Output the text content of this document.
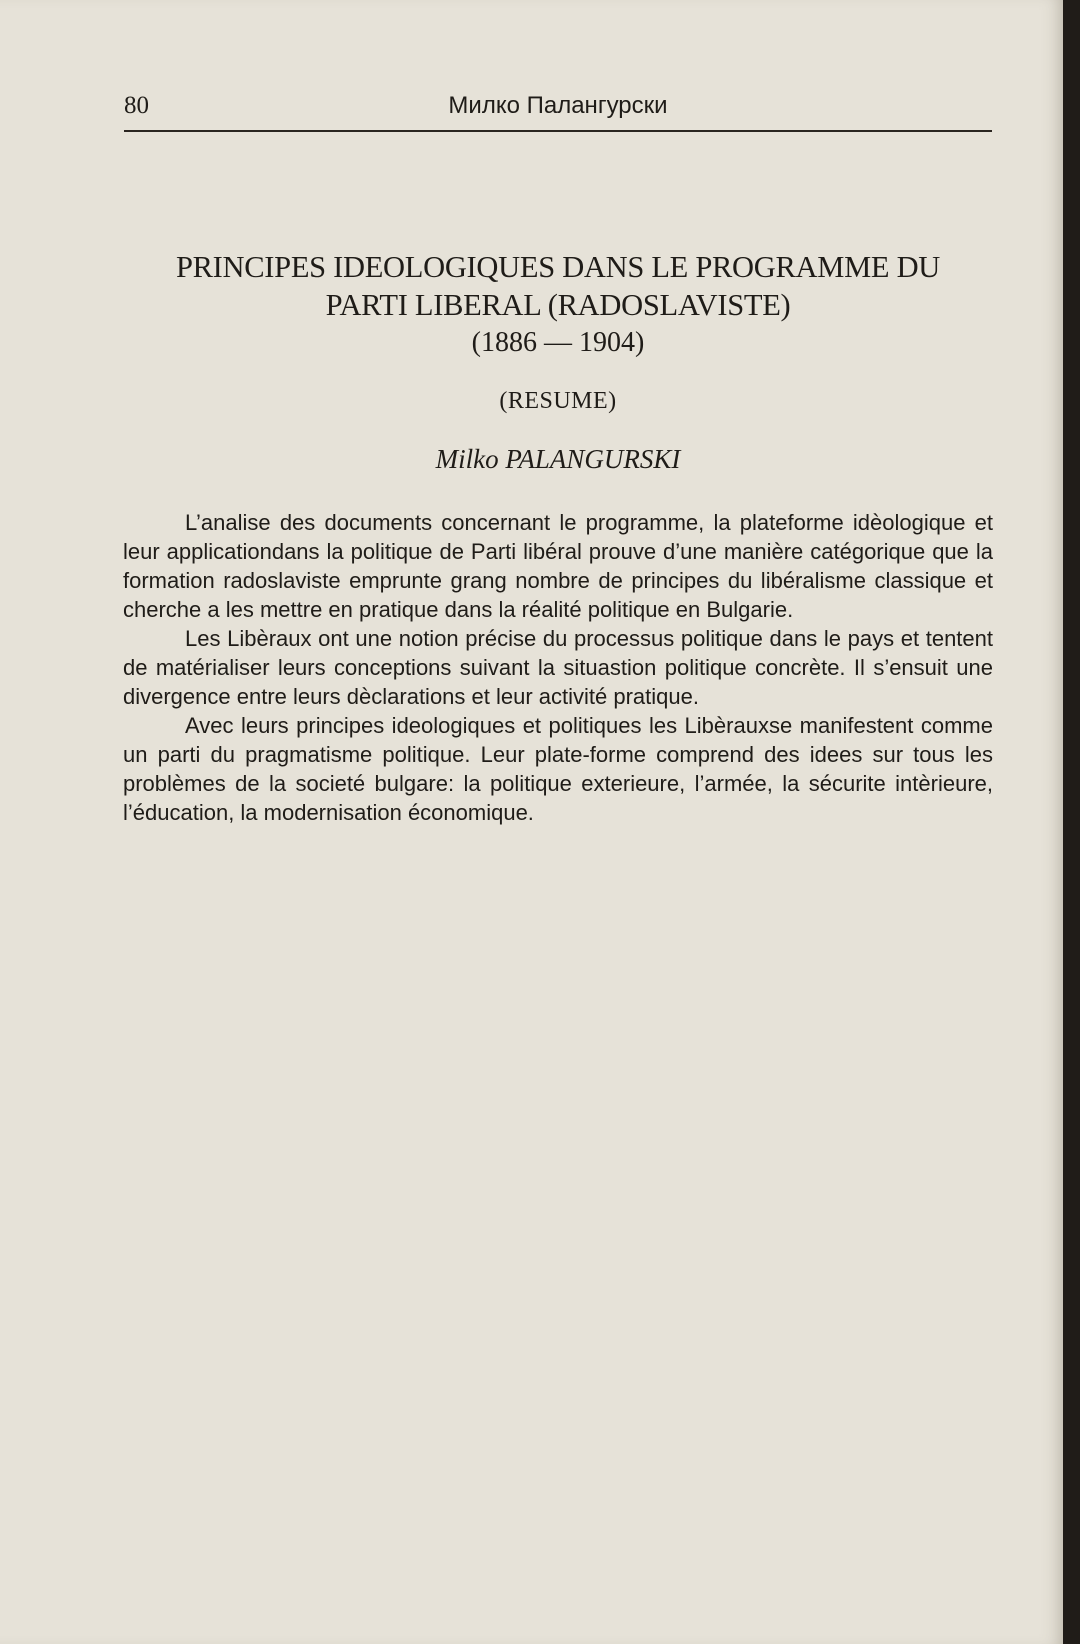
80	Милко Палангурски
PRINCIPES IDEOLOGIQUES DANS LE PROGRAMME DU
PARTI LIBERAL (RADOSLAVISTE)
(1886 — 1904)
(RESUME)
Milko PALANGURSKI

L’analise des documents concernant le programme, la plateforme idèologique et leur applicationdans la politique de Parti libéral prouve d’une manière catégorique que la formation radoslaviste emprunte grang nombre de principes du libéralisme classique et cherche a les mettre en pratique dans la réalité politique en Bulgarie.

Les Libèraux ont une notion précise du processus politique dans le pays et tentent de matérialiser leurs conceptions suivant la situastion politique concrète. Il s’ensuit une divergence entre leurs dèclarations et leur activité pratique.

Avec leurs principes ideologiques et politiques les Libèrauxse manifestent comme un parti du pragmatisme politique. Leur plate-forme comprend des idees sur tous les problèmes de la societé bulgare: la politique exterieure, l’armée, la sécurite intèrieure, l’éducation, la modernisation économique.
